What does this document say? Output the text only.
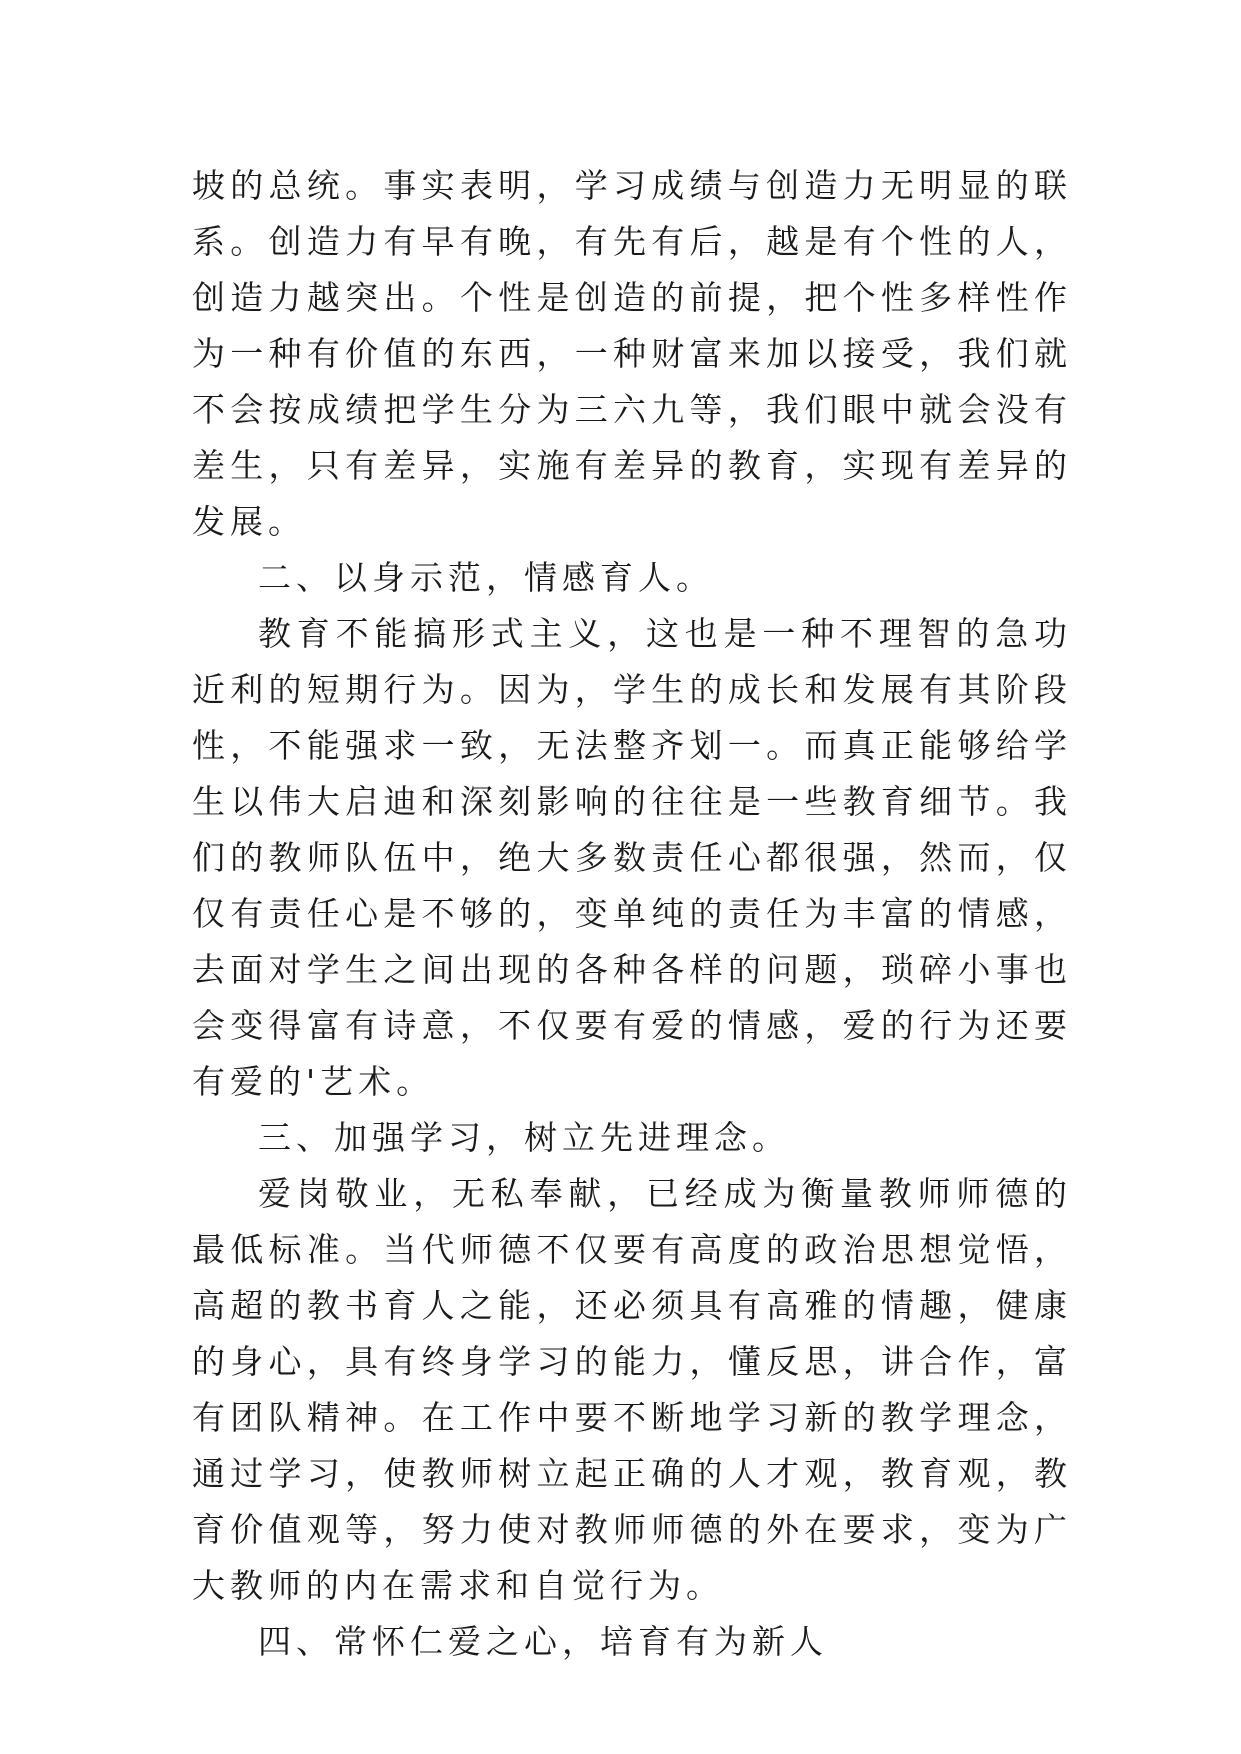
坡的总统。事实表明，学习成绩与创造力无明显的联系。创造力有早有晚，有先有后，越是有个性的人，创造力越突出。个性是创造的前提，把个性多样性作为一种有价值的东西，一种财富来加以接受，我们就不会按成绩把学生分为三六九等，我们眼中就会没有差生，只有差异，实施有差异的教育，实现有差异的发展。

二、以身示范，情感育人。

教育不能搞形式主义，这也是一种不理智的急功近利的短期行为。因为，学生的成长和发展有其阶段性，不能强求一致，无法整齐划一。而真正能够给学生以伟大启迪和深刻影响的往往是一些教育细节。我们的教师队伍中，绝大多数责任心都很强，然而，仅仅有责任心是不够的，变单纯的责任为丰富的情感，去面对学生之间出现的各种各样的问题，琐碎小事也会变得富有诗意，不仅要有爱的情感，爱的行为还要有爱的'艺术。

三、加强学习，树立先进理念。

爱岗敬业，无私奉献，已经成为衡量教师师德的最低标准。当代师德不仅要有高度的政治思想觉悟，高超的教书育人之能，还必须具有高雅的情趣，健康的身心，具有终身学习的能力，懂反思，讲合作，富有团队精神。在工作中要不断地学习新的教学理念，通过学习，使教师树立起正确的人才观，教育观，教育价值观等，努力使对教师师德的外在要求，变为广大教师的内在需求和自觉行为。

四、常怀仁爱之心，培育有为新人
